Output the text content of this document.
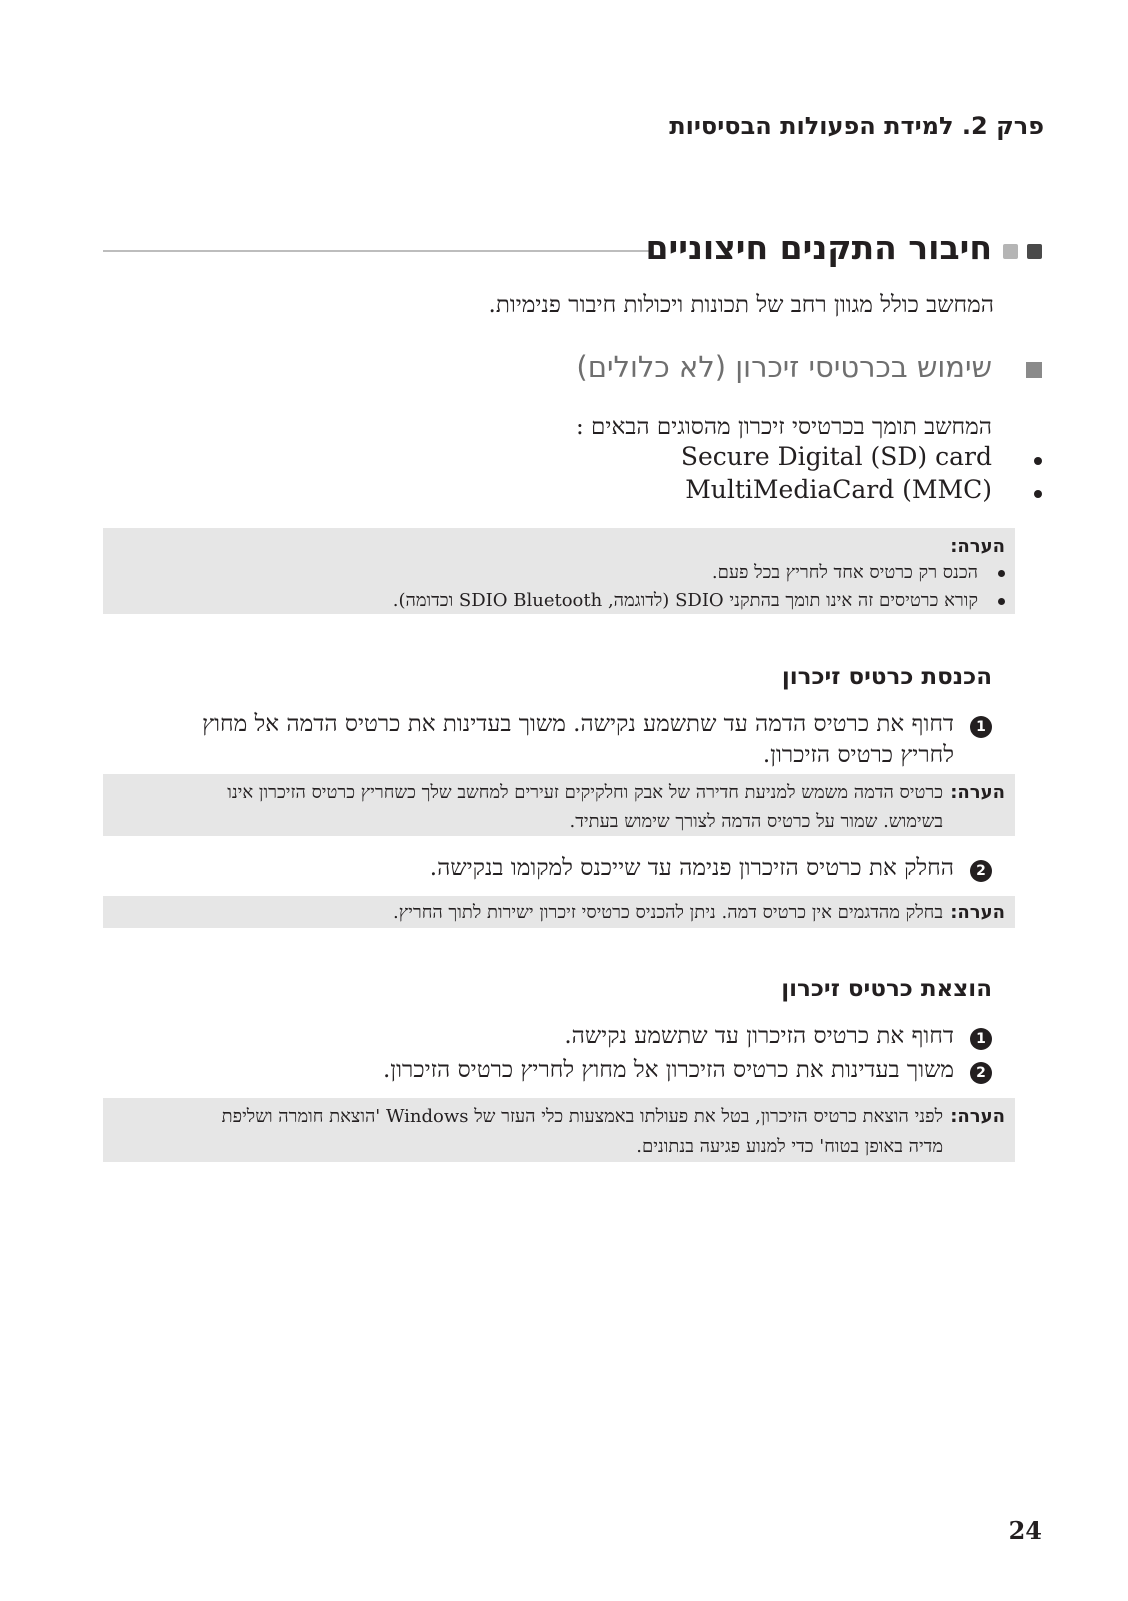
פרק 2. למידת הפעולות הבסיסיות
חיבור התקנים חיצוניים
המחשב כולל מגוון רחב של תכונות ויכולות חיבור פנימיות.
שימוש בכרטיסי זיכרון (לא כלולים)
המחשב תומך בכרטיסי זיכרון מהסוגים הבאים :
Secure Digital (SD) card
MultiMediaCard (MMC)
הערה:
הכנס רק כרטיס אחד לחריץ בכל פעם.
קורא כרטיסים זה אינו תומך בהתקני SDIO (לדוגמה, SDIO Bluetooth וכדומה).
הכנסת כרטיס זיכרון
1
דחוף את כרטיס הדמה עד שתשמע נקישה. משוך בעדינות את כרטיס הדמה אל מחוץ
לחריץ כרטיס הזיכרון.
הערה:
כרטיס הדמה משמש למניעת חדירה של אבק וחלקיקים זעירים למחשב שלך כשחריץ כרטיס הזיכרון אינו
בשימוש. שמור על כרטיס הדמה לצורך שימוש בעתיד.
2
החלק את כרטיס הזיכרון פנימה עד שייכנס למקומו בנקישה.
הערה:
בחלק מהדגמים אין כרטיס דמה. ניתן להכניס כרטיסי זיכרון ישירות לתוך החריץ.
הוצאת כרטיס זיכרון
1
דחוף את כרטיס הזיכרון עד שתשמע נקישה.
2
משוך בעדינות את כרטיס הזיכרון אל מחוץ לחריץ כרטיס הזיכרון.
הערה:
לפני הוצאת כרטיס הזיכרון, בטל את פעולתו באמצעות כלי העזר של Windows 'הוצאת חומרה ושליפת
מדיה באופן בטוח' כדי למנוע פגיעה בנתונים.
24
